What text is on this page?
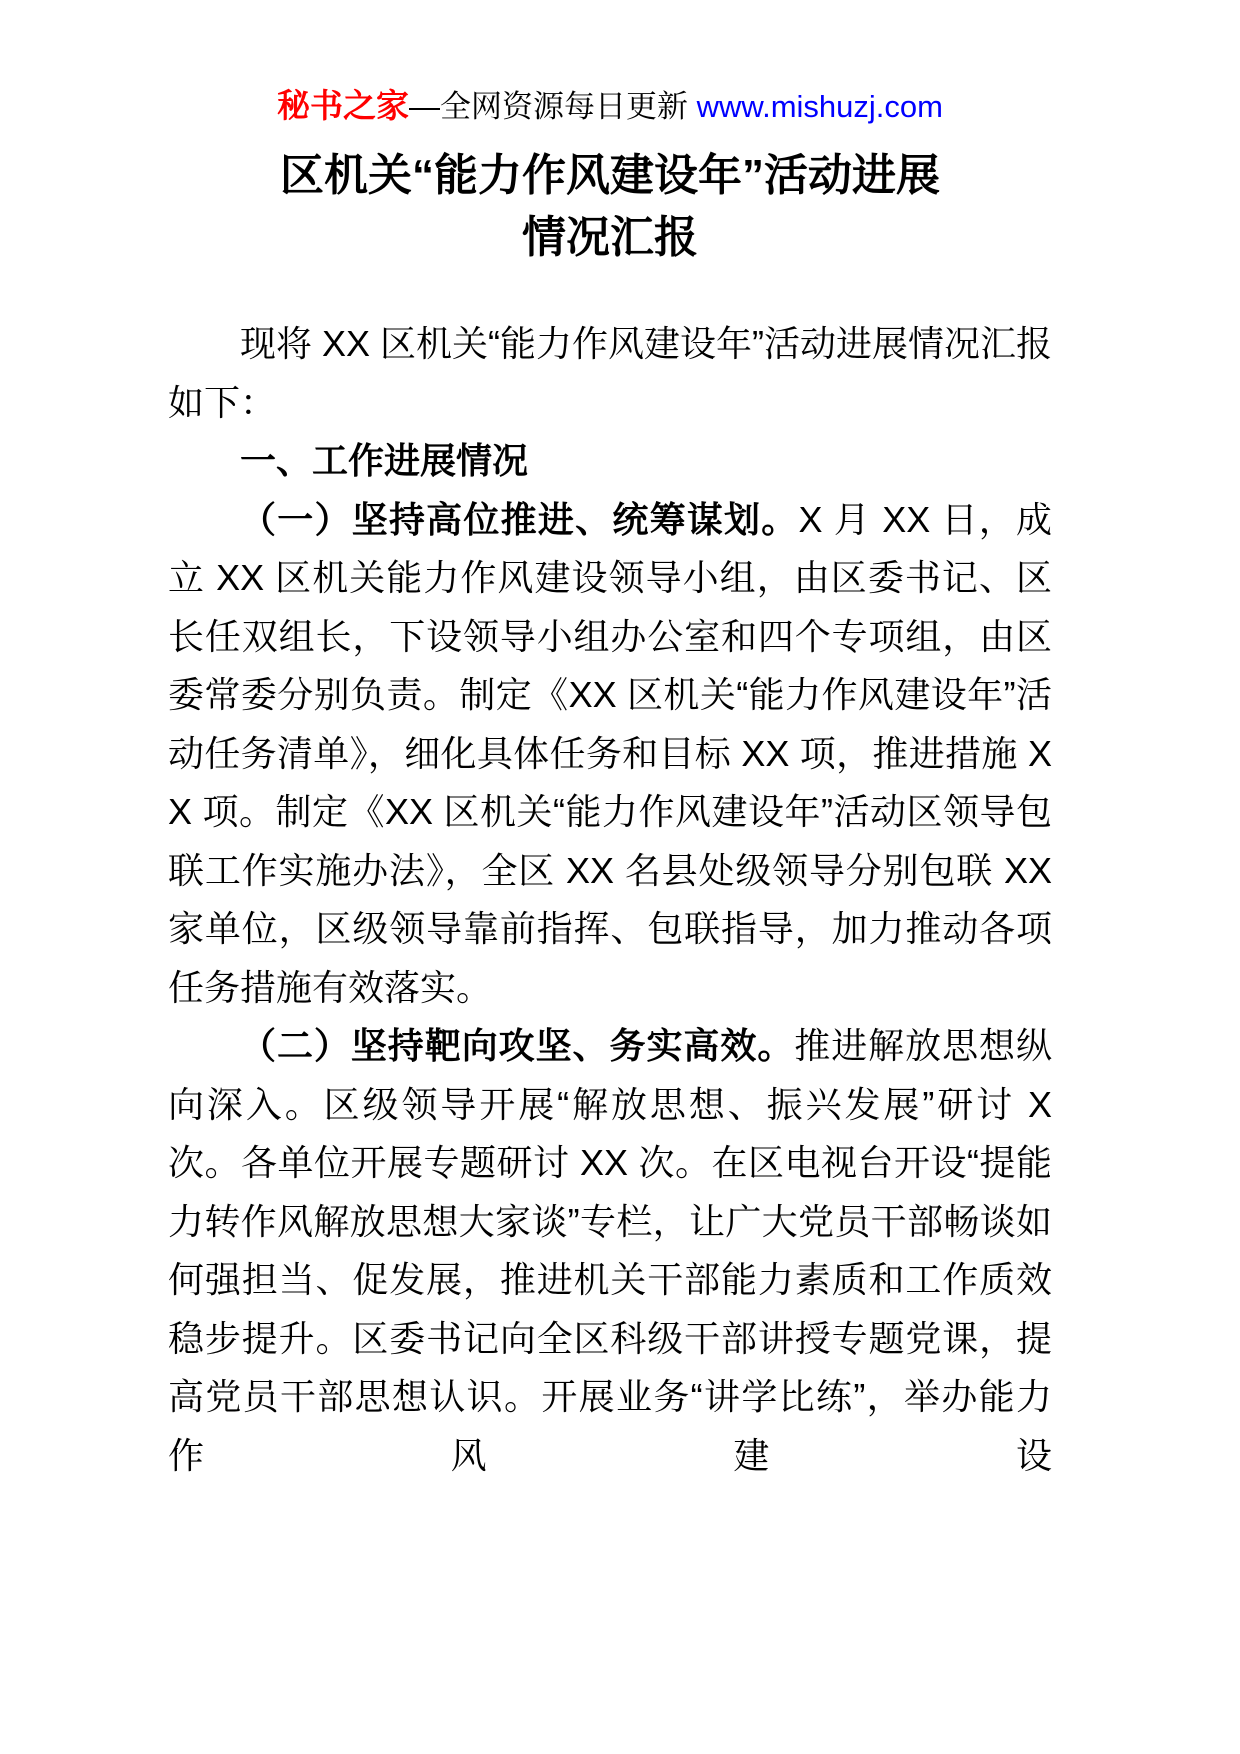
秘书之家—全网资源每日更新 www.mishuzj.com
区机关“能力作风建设年”活动进展
情况汇报

现将 XX 区机关“能力作风建设年”活动进展情况汇报如下：

一、工作进展情况

（一）坚持高位推进、统筹谋划。X 月 XX 日，成立 XX 区机关能力作风建设领导小组，由区委书记、区长任双组长，下设领导小组办公室和四个专项组，由区委常委分别负责。制定《XX 区机关“能力作风建设年”活动任务清单》，细化具体任务和目标 XX 项，推进措施 XX 项。制定《XX 区机关“能力作风建设年”活动区领导包联工作实施办法》，全区 XX 名县处级领导分别包联 XX 家单位，区级领导靠前指挥、包联指导，加力推动各项任务措施有效落实。

（二）坚持靶向攻坚、务实高效。推进解放思想纵向深入。区级领导开展“解放思想、振兴发展”研讨 X 次。各单位开展专题研讨 XX 次。在区电视台开设“提能力转作风解放思想大家谈”专栏，让广大党员干部畅谈如何强担当、促发展，推进机关干部能力素质和工作质效稳步提升。区委书记向全区科级干部讲授专题党课，提高党员干部思想认识。开展业务“讲学比练”，举办能力作风建设
